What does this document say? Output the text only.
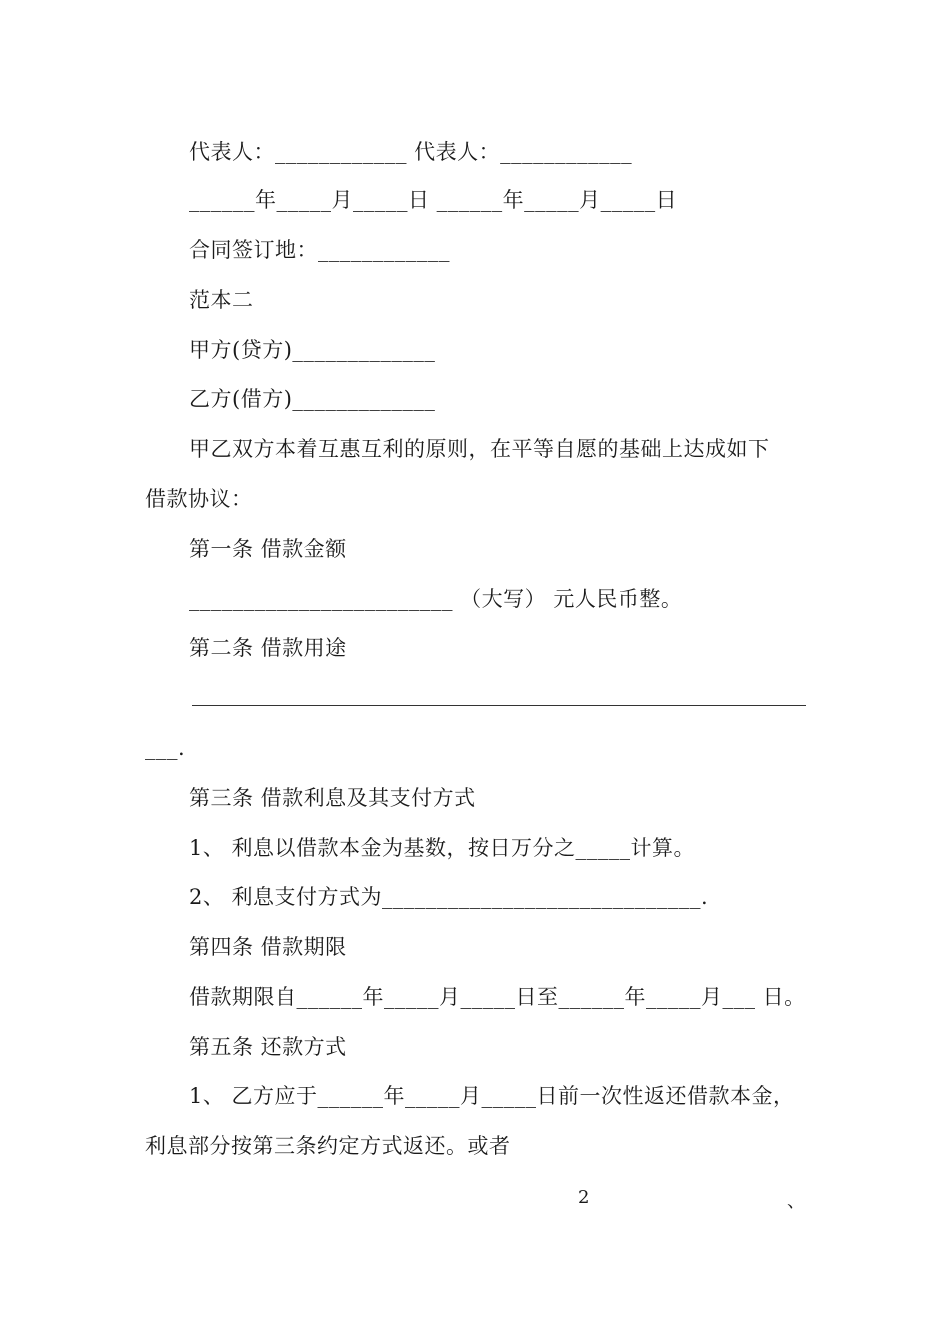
代表人：____________ 代表人：____________
______年_____月_____日 ______年_____月_____日
合同签订地：____________
范本二
甲方(贷方)_____________
乙方(借方)_____________
甲乙双方本着互惠互利的原则，在平等自愿的基础上达成如下
借款协议：
第一条 借款金额
________________________ （大写） 元人民币整。
第二条 借款用途
___.
第三条 借款利息及其支付方式
1、 利息以借款本金为基数，按日万分之_____计算。
2、 利息支付方式为_____________________________.
第四条 借款期限
借款期限自______年_____月_____日至______年_____月___ 日。
第五条 还款方式
1、 乙方应于______年_____月_____日前一次性返还借款本金，
利息部分按第三条约定方式返还。或者
2	、
